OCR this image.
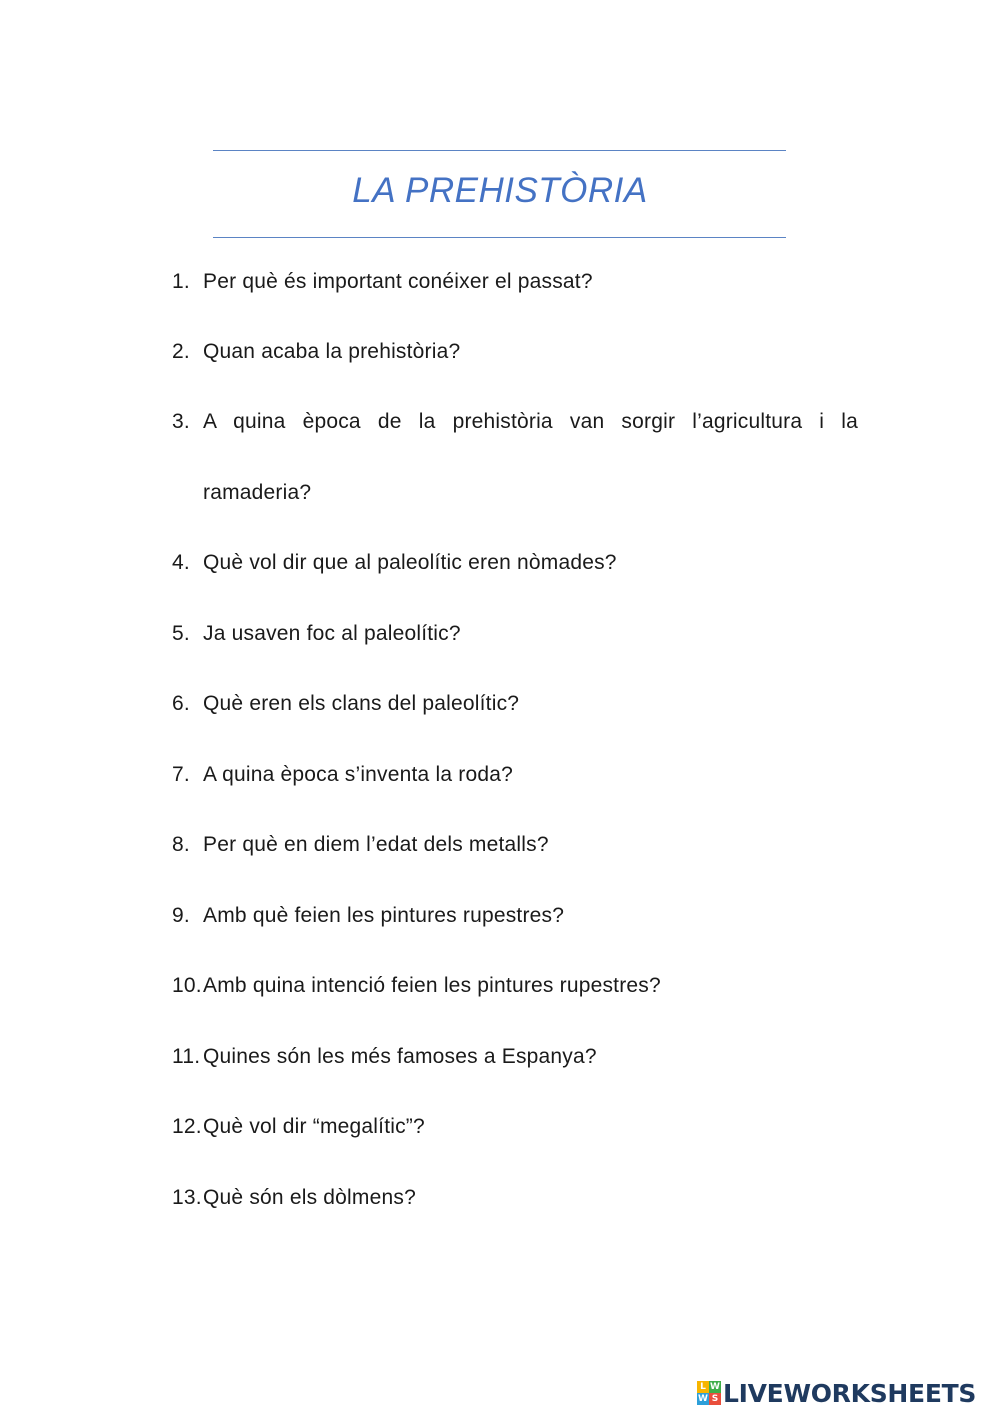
LA PREHISTÒRIA
1. Per què és important conéixer el passat?
2. Quan acaba la prehistòria?
3. A quina època de la prehistòria van sorgir l’agricultura i la
ramaderia?
4. Què vol dir que al paleolític eren nòmades?
5. Ja usaven foc al paleolític?
6. Què eren els clans del paleolític?
7. A quina època s’inventa la roda?
8. Per què en diem l’edat dels metalls?
9. Amb què feien les pintures rupestres?
10. Amb quina intenció feien les pintures rupestres?
11. Quines són les més famoses a Espanya?
12. Què vol dir “megalític”?
13. Què són els dòlmens?
L W
W S LIVEWORKSHEETS
